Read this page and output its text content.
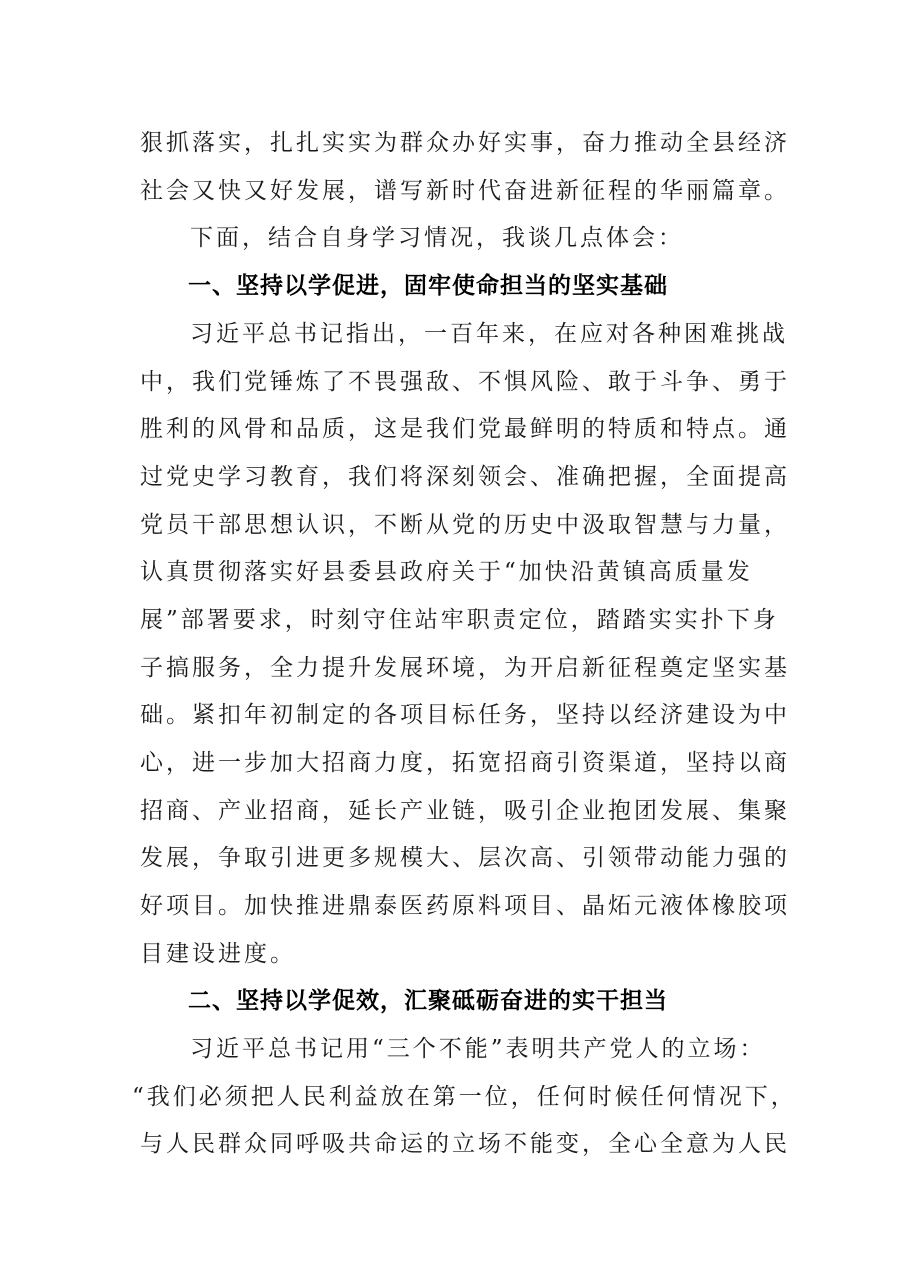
狠抓落实，扎扎实实为群众办好实事，奋力推动全县经济
社会又快又好发展，谱写新时代奋进新征程的华丽篇章。
下面，结合自身学习情况，我谈几点体会：
一、坚持以学促进，固牢使命担当的坚实基础
习近平总书记指出，一百年来，在应对各种困难挑战
中，我们党锤炼了不畏强敌、不惧风险、敢于斗争、勇于
胜利的风骨和品质，这是我们党最鲜明的特质和特点。通
过党史学习教育，我们将深刻领会、准确把握，全面提高
党员干部思想认识，不断从党的历史中汲取智慧与力量，
认真贯彻落实好县委县政府关于“加快沿黄镇高质量发
展”部署要求，时刻守住站牢职责定位，踏踏实实扑下身
子搞服务，全力提升发展环境，为开启新征程奠定坚实基
础。紧扣年初制定的各项目标任务，坚持以经济建设为中
心，进一步加大招商力度，拓宽招商引资渠道，坚持以商
招商、产业招商，延长产业链，吸引企业抱团发展、集聚
发展，争取引进更多规模大、层次高、引领带动能力强的
好项目。加快推进鼎泰医药原料项目、晶炻元液体橡胶项
目建设进度。
二、坚持以学促效，汇聚砥砺奋进的实干担当
习近平总书记用“三个不能”表明共产党人的立场：
“我们必须把人民利益放在第一位，任何时候任何情况下，
与人民群众同呼吸共命运的立场不能变，全心全意为人民
